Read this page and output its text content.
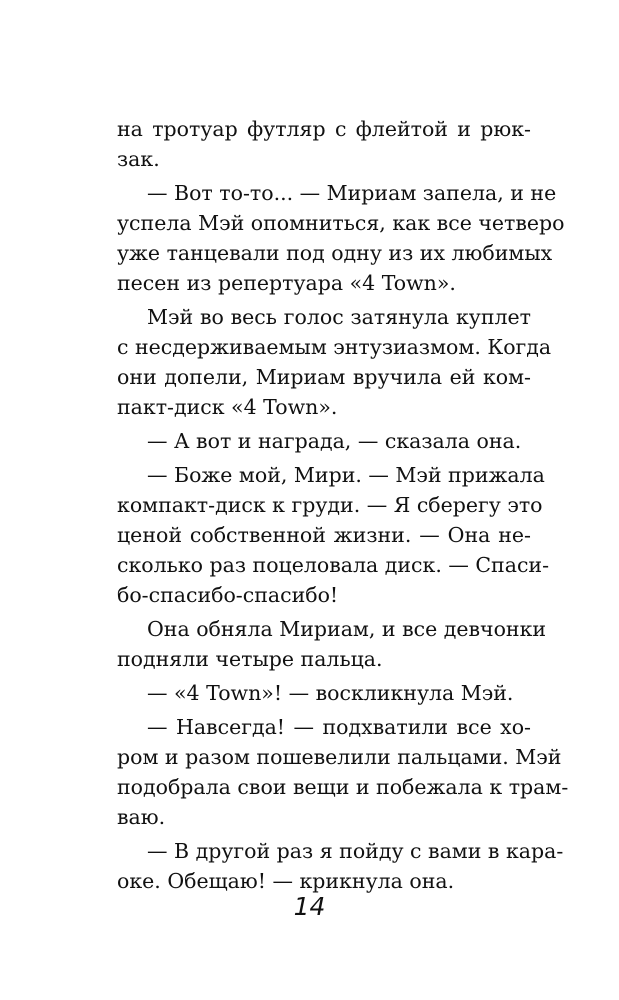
на тротуар футляр с флейтой и рюк-
зак.
— Вот то-то... — Мириам запела, и не
успела Мэй опомниться, как все четверо
уже танцевали под одну из их любимых
песен из репертуара «4 Town».
Мэй во весь голос затянула куплет
с несдерживаемым энтузиазмом. Когда
они допели, Мириам вручила ей ком-
пакт-диск «4 Town».
— А вот и награда, — сказала она.
— Боже мой, Мири. — Мэй прижала
компакт-диск к груди. — Я сберегу это
ценой собственной жизни. — Она не-
сколько раз поцеловала диск. — Спаси-
бо-спасибо-спасибо!
Она обняла Мириам, и все девчонки
подняли четыре пальца.
— «4 Town»! — воскликнула Мэй.
— Навсегда! — подхватили все хо-
ром и разом пошевелили пальцами. Мэй
подобрала свои вещи и побежала к трам-
ваю.
— В другой раз я пойду с вами в кара-
оке. Обещаю! — крикнула она.
14
